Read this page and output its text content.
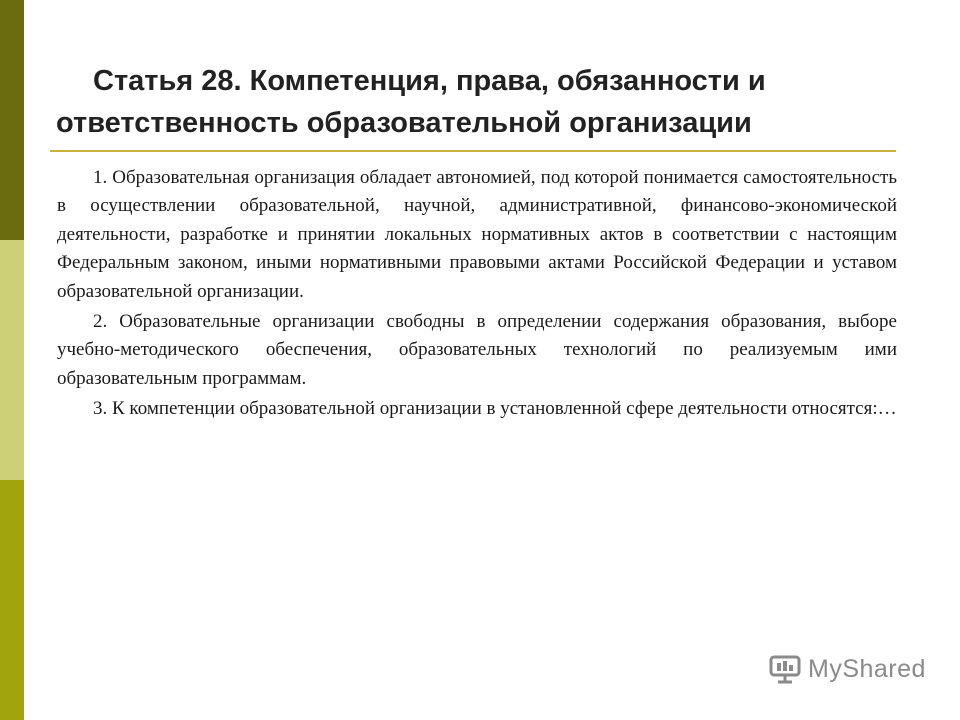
Статья 28. Компетенция, права, обязанности и
ответственность образовательной организации

1. Образовательная организация обладает автономией, под которой понимается самостоятельность в осуществлении образовательной, научной, административной, финансово-экономической деятельности, разработке и принятии локальных нормативных актов в соответствии с настоящим Федеральным законом, иными нормативными правовыми актами Российской Федерации и уставом образовательной организации.

2. Образовательные организации свободны в определении содержания образования, выборе учебно-методического обеспечения, образовательных технологий по реализуемым ими образовательным программам.

3. К компетенции образовательной организации в установленной сфере деятельности относятся:…

MyShared
